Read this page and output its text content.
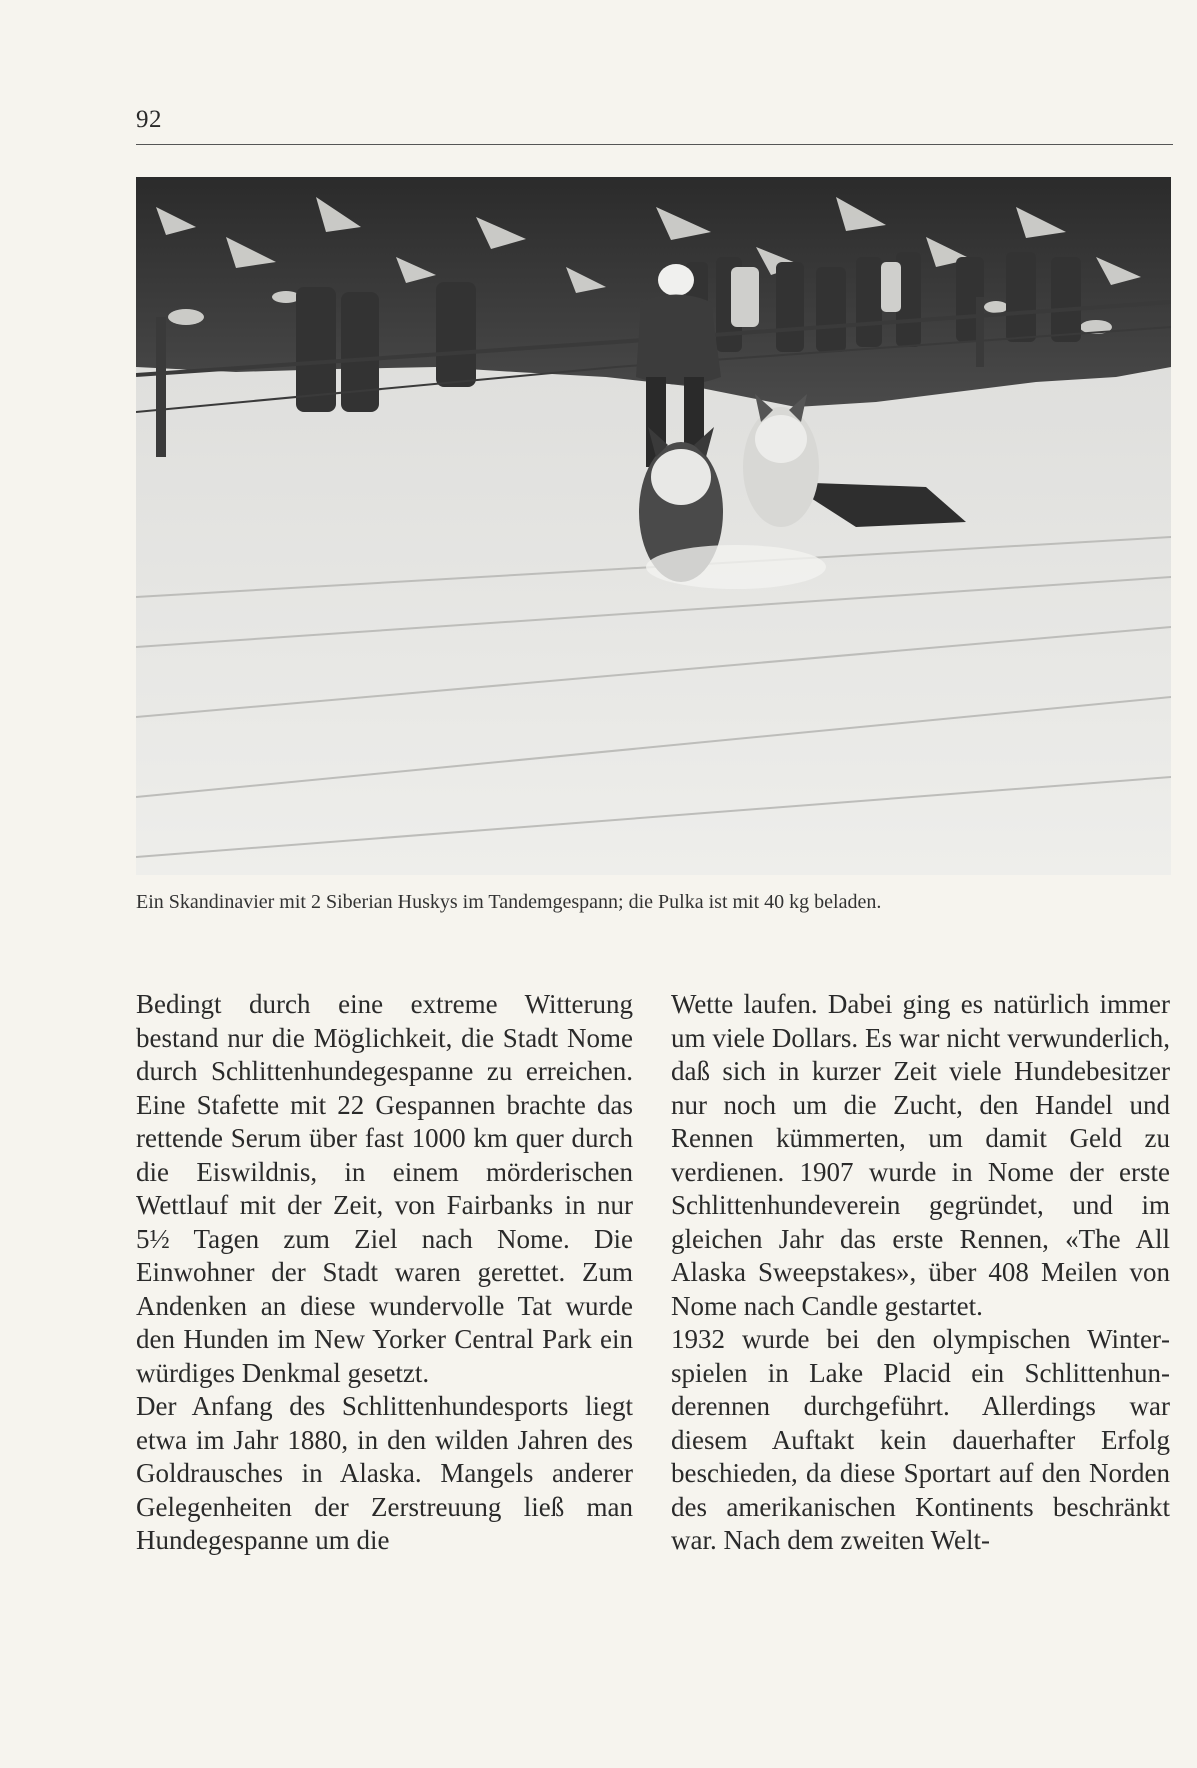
92
Ein Skandinavier mit 2 Siberian Huskys im Tandemgespann; die Pulka ist mit 40 kg beladen.

Bedingt durch eine extreme Witterung bestand nur die Möglichkeit, die Stadt Nome durch Schlittenhundegespanne zu erreichen. Eine Stafette mit 22 Gespannen brachte das rettende Serum über fast 1000 km quer durch die Eiswildnis, in einem mörderischen Wettlauf mit der Zeit, von Fairbanks in nur 5½ Tagen zum Ziel nach Nome. Die Einwohner der Stadt waren gerettet. Zum Andenken an diese wundervolle Tat wurde den Hunden im New Yorker Central Park ein würdiges Denkmal gesetzt.

Der Anfang des Schlittenhundesports liegt etwa im Jahr 1880, in den wilden Jahren des Goldrausches in Alaska. Mangels anderer Gelegenheiten der Zerstreuung ließ man Hundegespanne um die

Wette laufen. Dabei ging es natürlich immer um viele Dollars. Es war nicht verwunderlich, daß sich in kurzer Zeit viele Hundebesitzer nur noch um die Zucht, den Handel und Rennen kümmerten, um damit Geld zu verdienen. 1907 wurde in Nome der erste Schlittenhundeverein gegründet, und im gleichen Jahr das erste Rennen, «The All Alaska Sweepstakes», über 408 Meilen von Nome nach Candle gestartet.

1932 wurde bei den olympischen Winterspielen in Lake Placid ein Schlittenhunderennen durchgeführt. Allerdings war diesem Auftakt kein dauerhafter Erfolg beschieden, da diese Sportart auf den Norden des amerikanischen Kontinents beschränkt war. Nach dem zweiten Welt-
